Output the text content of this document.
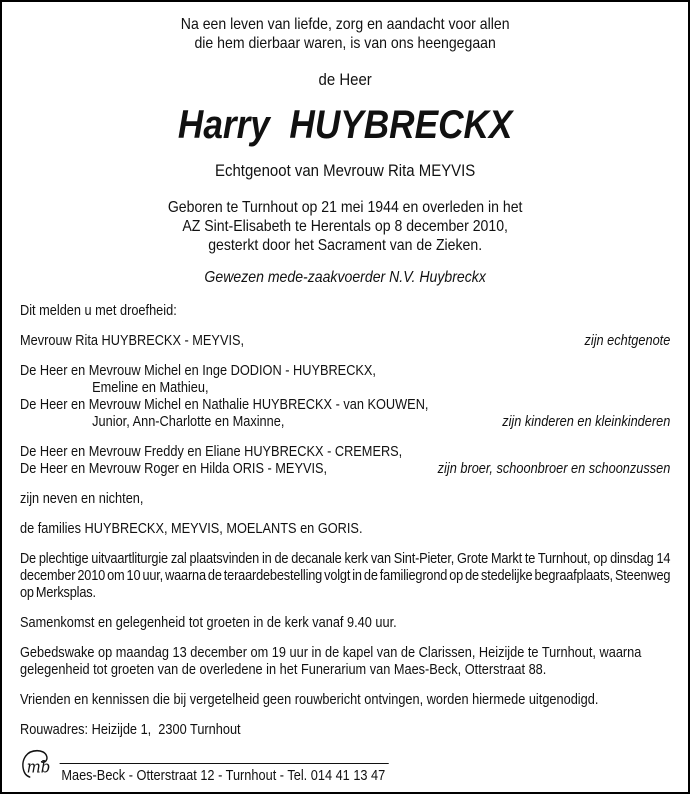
Na een leven van liefde, zorg en aandacht voor allen
die hem dierbaar waren, is van ons heengegaan
de Heer
Harry  HUYBRECKX
Echtgenoot van Mevrouw Rita MEYVIS
Geboren te Turnhout op 21 mei 1944 en overleden in het
AZ Sint-Elisabeth te Herentals op 8 december 2010,
gesterkt door het Sacrament van de Zieken.
Gewezen mede-zaakvoerder N.V. Huybreckx
Dit melden u met droefheid:
Mevrouw Rita HUYBRECKX - MEYVIS,	zijn echtgenote
De Heer en Mevrouw Michel en Inge DODION - HUYBRECKX,
Emeline en Mathieu,
De Heer en Mevrouw Michel en Nathalie HUYBRECKX - van KOUWEN,
Junior, Ann-Charlotte en Maxinne,	zijn kinderen en kleinkinderen
De Heer en Mevrouw Freddy en Eliane HUYBRECKX - CREMERS,
De Heer en Mevrouw Roger en Hilda ORIS - MEYVIS,	zijn broer, schoonbroer en schoonzussen
zijn neven en nichten,
de families HUYBRECKX, MEYVIS, MOELANTS en GORIS.
De plechtige uitvaartliturgie zal plaatsvinden in de decanale kerk van Sint-Pieter, Grote Markt te Turnhout, op dinsdag 14 december 2010 om 10 uur, waarna de teraardebestelling volgt in de familiegrond op de stedelijke begraafplaats, Steenweg op Merksplas.
Samenkomst en gelegenheid tot groeten in de kerk vanaf 9.40 uur.
Gebedswake op maandag 13 december om 19 uur in de kapel van de Clarissen, Heizijde te Turnhout, waarna gelegenheid tot groeten van de overledene in het Funerarium van Maes-Beck, Otterstraat 88.
Vrienden en kennissen die bij vergetelheid geen rouwbericht ontvingen, worden hiermede uitgenodigd.
Rouwadres: Heizijde 1,  2300 Turnhout
mb Maes-Beck - Otterstraat 12 - Turnhout - Tel. 014 41 13 47
